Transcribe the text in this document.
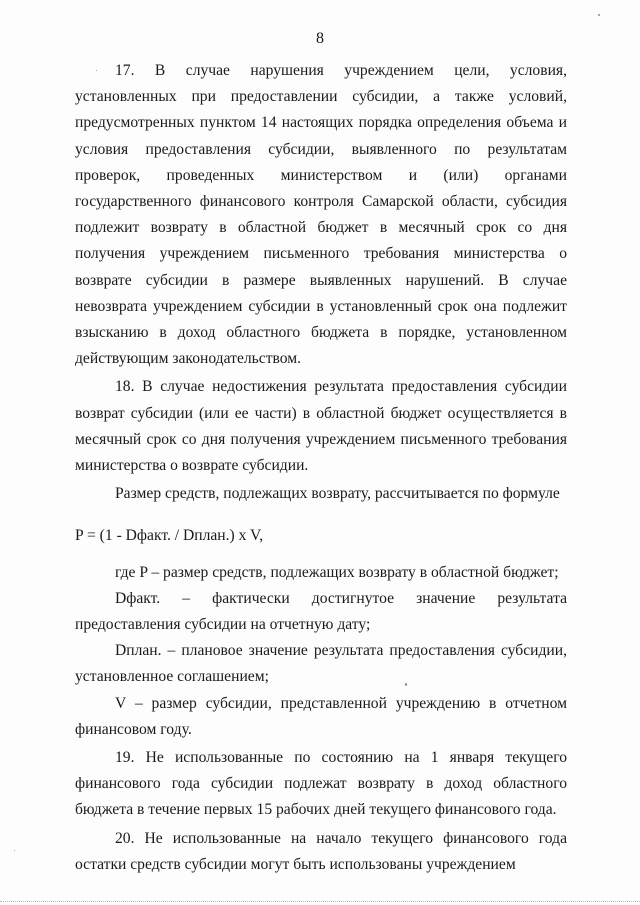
8

17. В случае нарушения учреждением цели, условия, установленных при предоставлении субсидии, а также условий, предусмотренных пунктом 14 настоящих порядка определения объема и условия предоставления субсидии, выявленного по результатам проверок, проведенных министерством и (или) органами государственного финансового контроля Самарской области, субсидия подлежит возврату в областной бюджет в месячный срок со дня получения учреждением письменного требования министерства о возврате субсидии в размере выявленных нарушений. В случае невозврата учреждением субсидии в установленный срок она подлежит взысканию в доход областного бюджета в порядке, установленном действующим законодательством.

18. В случае недостижения результата предоставления субсидии возврат субсидии (или ее части) в областной бюджет осуществляется в месячный срок со дня получения учреждением письменного требования министерства о возврате субсидии.

Размер средств, подлежащих возврату, рассчитывается по формуле

P = (1 - Dфакт. / Dплан.) x V,

где P – размер средств, подлежащих возврату в областной бюджет;

Dфакт. – фактически достигнутое значение результата предоставления субсидии на отчетную дату;

Dплан. – плановое значение результата предоставления субсидии, установленное соглашением;

V – размер субсидии, представленной учреждению в отчетном финансовом году.

19. Не использованные по состоянию на 1 января текущего финансового года субсидии подлежат возврату в доход областного бюджета в течение первых 15 рабочих дней текущего финансового года.

20. Не использованные на начало текущего финансового года остатки средств субсидии могут быть использованы учреждением
